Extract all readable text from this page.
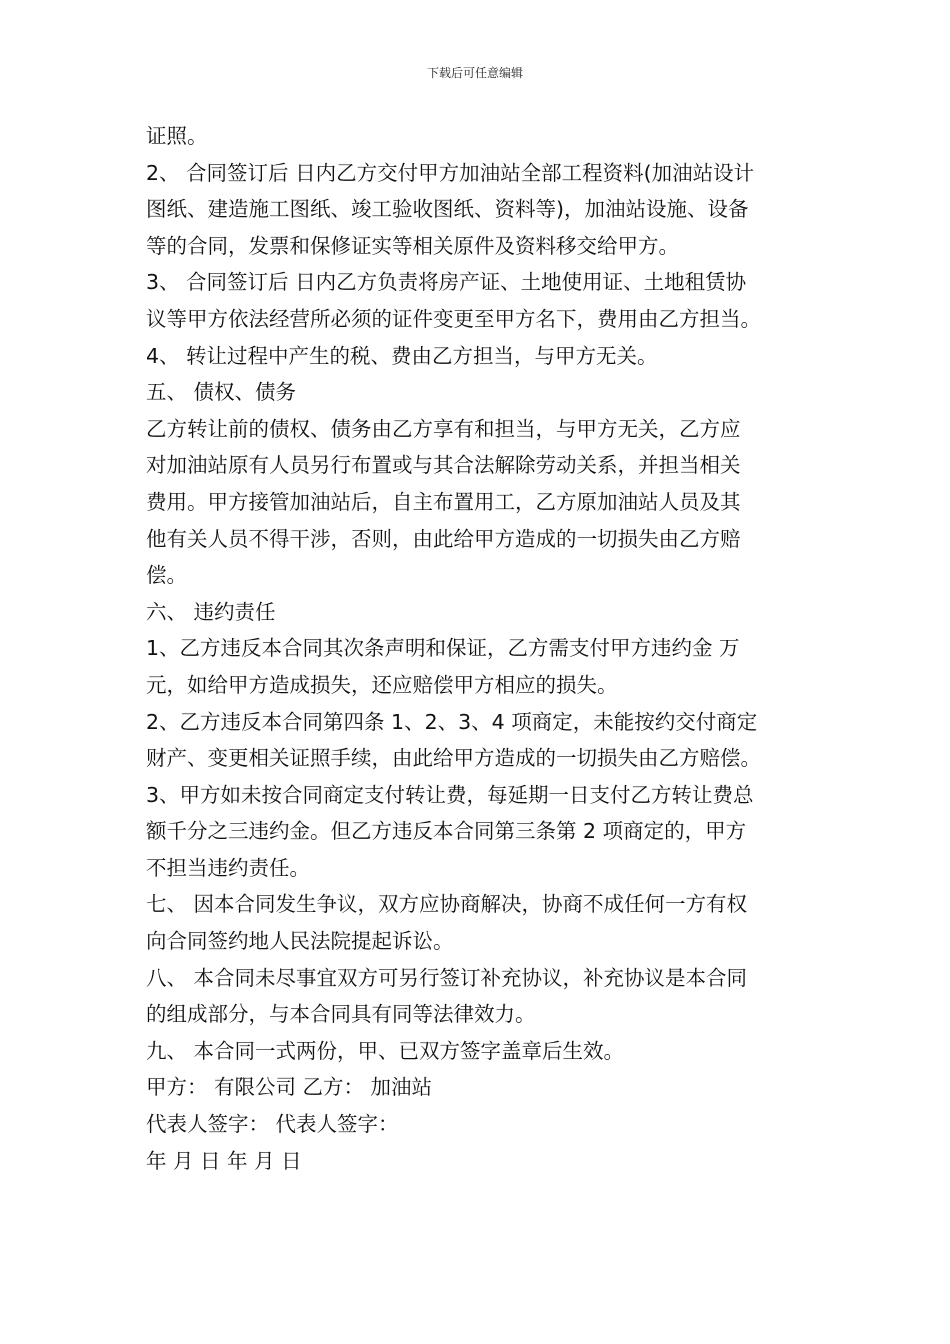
下载后可任意编辑
证照。
2、 合同签订后 日内乙方交付甲方加油站全部工程资料(加油站设计
图纸、建造施工图纸、竣工验收图纸、资料等)，加油站设施、设备
等的合同，发票和保修证实等相关原件及资料移交给甲方。
3、 合同签订后 日内乙方负责将房产证、土地使用证、土地租赁协
议等甲方依法经营所必须的证件变更至甲方名下，费用由乙方担当。
4、 转让过程中产生的税、费由乙方担当，与甲方无关。
五、 债权、债务
乙方转让前的债权、债务由乙方享有和担当，与甲方无关，乙方应
对加油站原有人员另行布置或与其合法解除劳动关系，并担当相关
费用。甲方接管加油站后，自主布置用工，乙方原加油站人员及其
他有关人员不得干涉，否则，由此给甲方造成的一切损失由乙方赔
偿。
六、 违约责任
1、乙方违反本合同其次条声明和保证，乙方需支付甲方违约金 万
元，如给甲方造成损失，还应赔偿甲方相应的损失。
2、乙方违反本合同第四条 1、2、3、4 项商定，未能按约交付商定
财产、变更相关证照手续，由此给甲方造成的一切损失由乙方赔偿。
3、甲方如未按合同商定支付转让费，每延期一日支付乙方转让费总
额千分之三违约金。但乙方违反本合同第三条第 2 项商定的，甲方
不担当违约责任。
七、 因本合同发生争议，双方应协商解决，协商不成任何一方有权
向合同签约地人民法院提起诉讼。
八、 本合同未尽事宜双方可另行签订补充协议，补充协议是本合同
的组成部分，与本合同具有同等法律效力。
九、 本合同一式两份，甲、已双方签字盖章后生效。
甲方： 有限公司 乙方： 加油站
代表人签字： 代表人签字：
年 月 日 年 月 日
